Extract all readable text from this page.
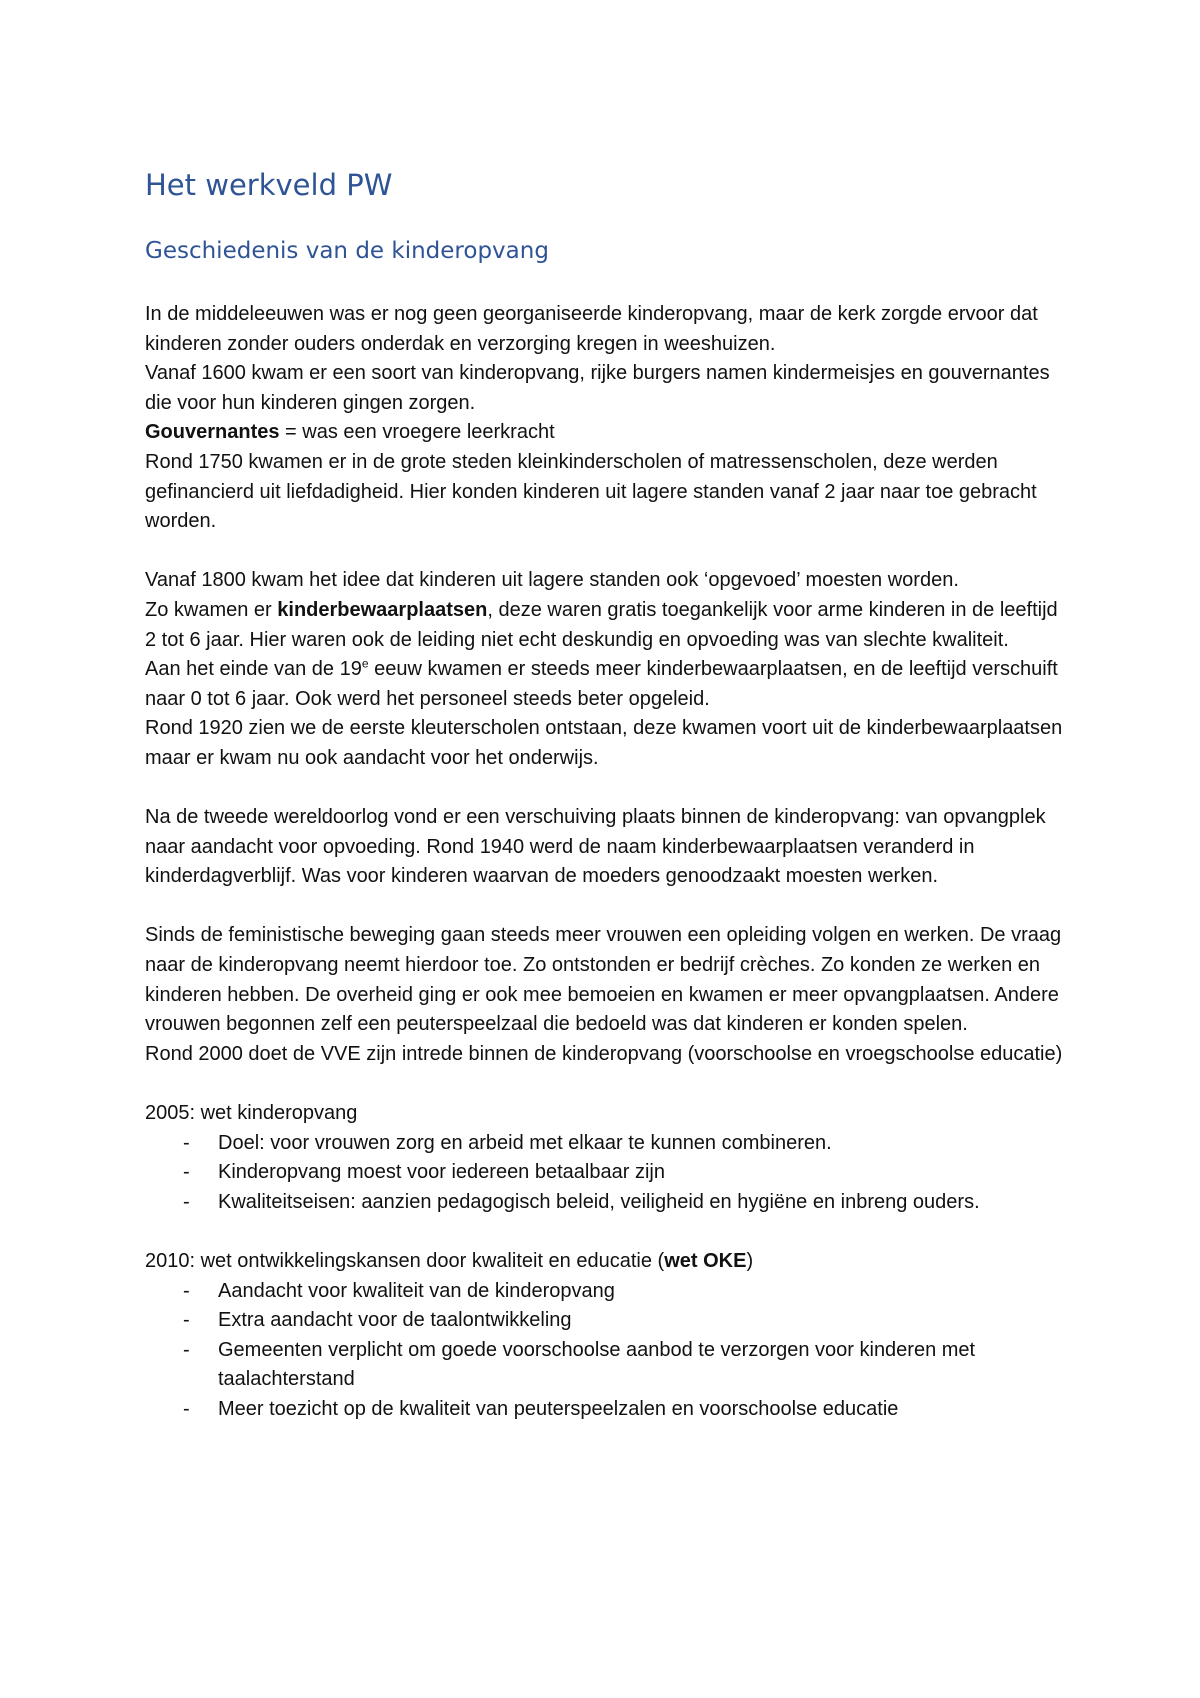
Het werkveld PW
Geschiedenis van de kinderopvang

In de middeleeuwen was er nog geen georganiseerde kinderopvang, maar de kerk zorgde ervoor dat kinderen zonder ouders onderdak en verzorging kregen in weeshuizen.

Vanaf 1600 kwam er een soort van kinderopvang, rijke burgers namen kindermeisjes en gouvernantes die voor hun kinderen gingen zorgen.

Gouvernantes = was een vroegere leerkracht

Rond 1750 kwamen er in de grote steden kleinkinderscholen of matressenscholen, deze werden gefinancierd uit liefdadigheid. Hier konden kinderen uit lagere standen vanaf 2 jaar naar toe gebracht worden.

Vanaf 1800 kwam het idee dat kinderen uit lagere standen ook ‘opgevoed’ moesten worden.

Zo kwamen er kinderbewaarplaatsen, deze waren gratis toegankelijk voor arme kinderen in de leeftijd 2 tot 6 jaar. Hier waren ook de leiding niet echt deskundig en opvoeding was van slechte kwaliteit.

Aan het einde van de 19e eeuw kwamen er steeds meer kinderbewaarplaatsen, en de leeftijd verschuift naar 0 tot 6 jaar. Ook werd het personeel steeds beter opgeleid.

Rond 1920 zien we de eerste kleuterscholen ontstaan, deze kwamen voort uit de kinderbewaarplaatsen maar er kwam nu ook aandacht voor het onderwijs.

Na de tweede wereldoorlog vond er een verschuiving plaats binnen de kinderopvang: van opvangplek naar aandacht voor opvoeding. Rond 1940 werd de naam kinderbewaarplaatsen veranderd in kinderdagverblijf. Was voor kinderen waarvan de moeders genoodzaakt moesten werken.

Sinds de feministische beweging gaan steeds meer vrouwen een opleiding volgen en werken. De vraag naar de kinderopvang neemt hierdoor toe. Zo ontstonden er bedrijf crèches. Zo konden ze werken en kinderen hebben. De overheid ging er ook mee bemoeien en kwamen er meer opvangplaatsen. Andere vrouwen begonnen zelf een peuterspeelzaal die bedoeld was dat kinderen er konden spelen.

Rond 2000 doet de VVE zijn intrede binnen de kinderopvang (voorschoolse en vroegschoolse educatie)

2005: wet kinderopvang

- Doel: voor vrouwen zorg en arbeid met elkaar te kunnen combineren.
- Kinderopvang moest voor iedereen betaalbaar zijn
- Kwaliteitseisen: aanzien pedagogisch beleid, veiligheid en hygiëne en inbreng ouders.

2010: wet ontwikkelingskansen door kwaliteit en educatie (wet OKE)

- Aandacht voor kwaliteit van de kinderopvang
- Extra aandacht voor de taalontwikkeling
- Gemeenten verplicht om goede voorschoolse aanbod te verzorgen voor kinderen met taalachterstand
- Meer toezicht op de kwaliteit van peuterspeelzalen en voorschoolse educatie
